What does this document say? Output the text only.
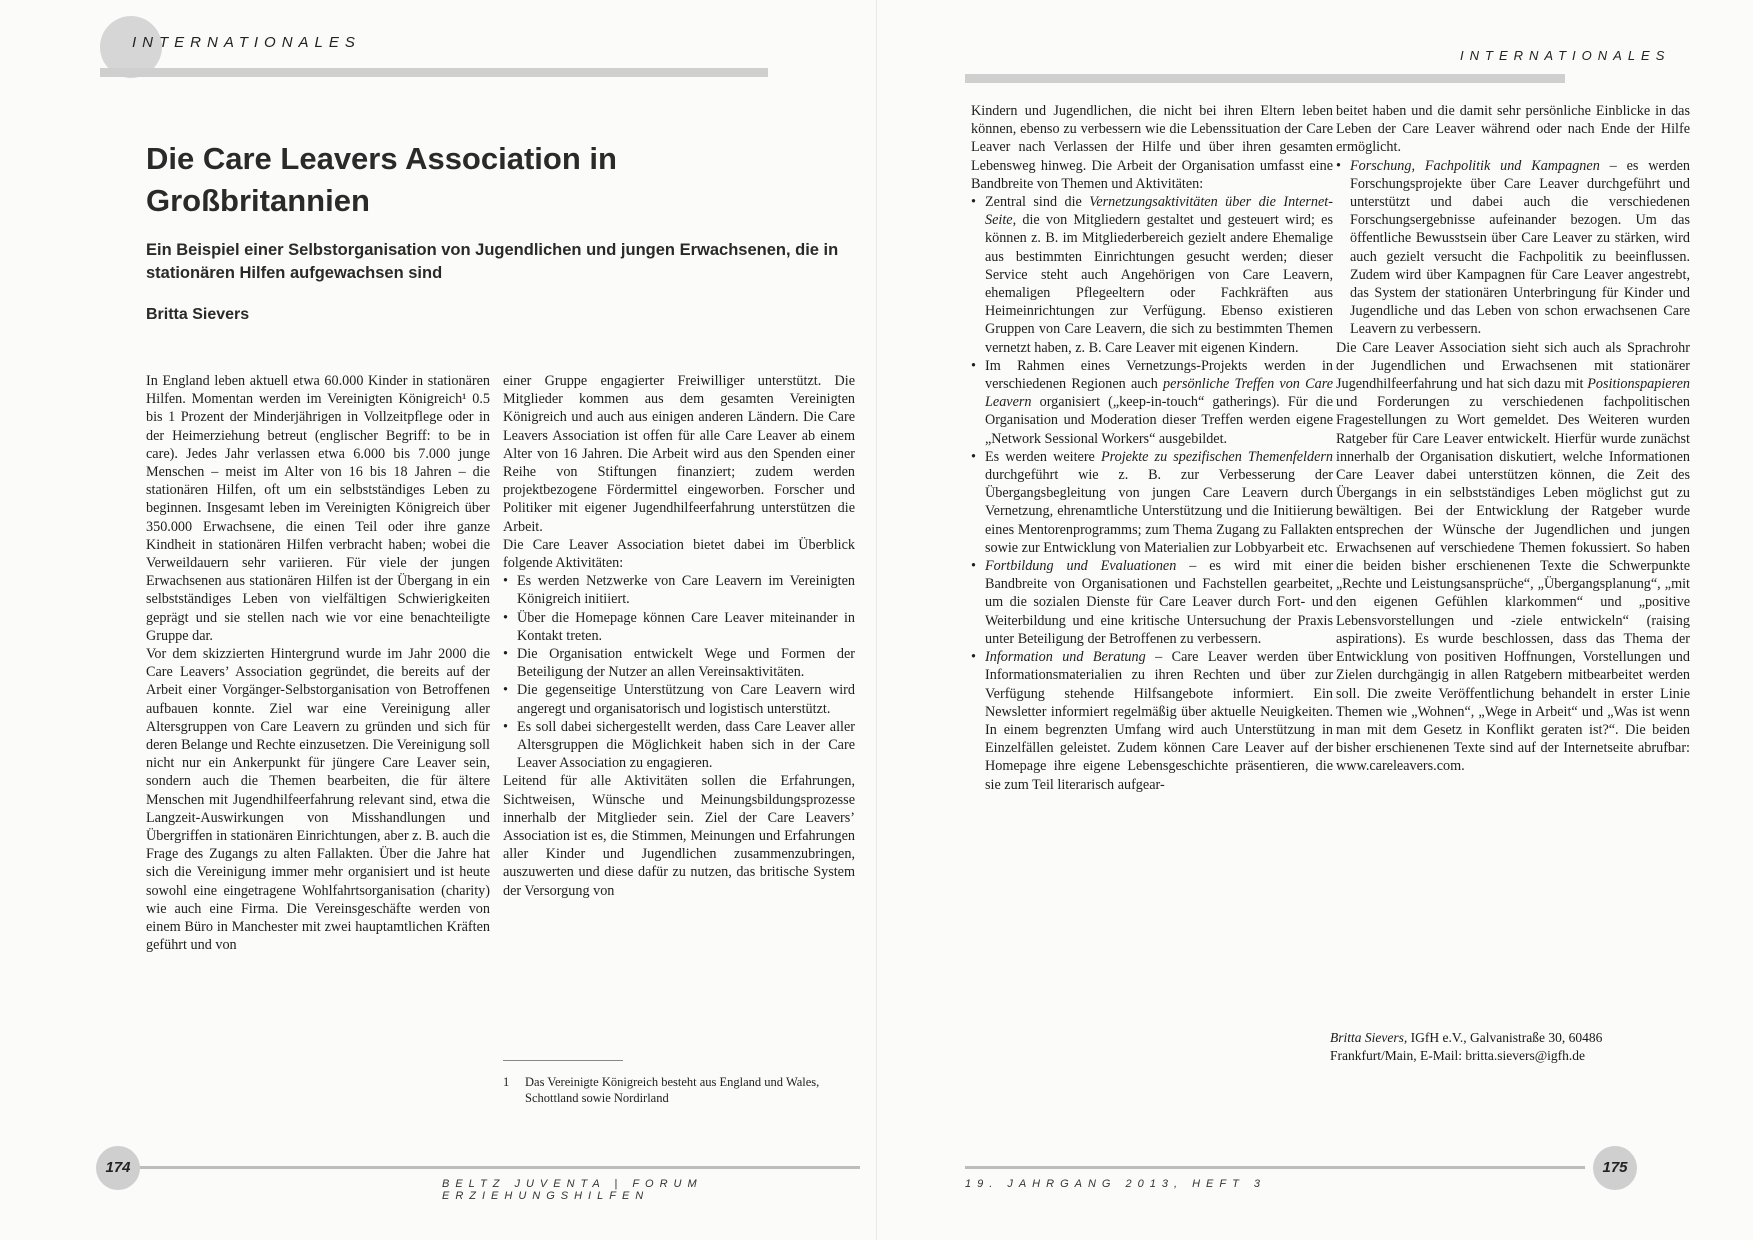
INTERNATIONALES
Die Care Leavers Association in Großbritannien
Ein Beispiel einer Selbstorganisation von Jugendlichen und jungen Erwachsenen, die in stationären Hilfen aufgewachsen sind
Britta Sievers

In England leben aktuell etwa 60.000 Kinder in stationären Hilfen. Momentan werden im Vereinigten Königreich¹ 0.5 bis 1 Prozent der Minderjährigen in Vollzeitpflege oder in der Heimerziehung betreut (englischer Begriff: to be in care). Jedes Jahr verlassen etwa 6.000 bis 7.000 junge Menschen – meist im Alter von 16 bis 18 Jahren – die stationären Hilfen, oft um ein selbstständiges Leben zu beginnen. Insgesamt leben im Vereinigten Königreich über 350.000 Erwachsene, die einen Teil oder ihre ganze Kindheit in stationären Hilfen verbracht haben; wobei die Verweildauern sehr variieren. Für viele der jungen Erwachsenen aus stationären Hilfen ist der Übergang in ein selbstständiges Leben von vielfältigen Schwierigkeiten geprägt und sie stellen nach wie vor eine benachteiligte Gruppe dar.

Vor dem skizzierten Hintergrund wurde im Jahr 2000 die Care Leavers’ Association gegründet, die bereits auf der Arbeit einer Vorgänger-Selbstorganisation von Betroffenen aufbauen konnte. Ziel war eine Vereinigung aller Altersgruppen von Care Leavern zu gründen und sich für deren Belange und Rechte einzusetzen. Die Vereinigung soll nicht nur ein Ankerpunkt für jüngere Care Leaver sein, sondern auch die Themen bearbeiten, die für ältere Menschen mit Jugendhilfeerfahrung relevant sind, etwa die Langzeit-Auswirkungen von Misshandlungen und Übergriffen in stationären Einrichtungen, aber z. B. auch die Frage des Zugangs zu alten Fallakten. Über die Jahre hat sich die Vereinigung immer mehr organisiert und ist heute sowohl eine eingetragene Wohlfahrtsorganisation (charity) wie auch eine Firma. Die Vereinsgeschäfte werden von einem Büro in Manchester mit zwei hauptamtlichen Kräften geführt und von

einer Gruppe engagierter Freiwilliger unterstützt. Die Mitglieder kommen aus dem gesamten Vereinigten Königreich und auch aus einigen anderen Ländern. Die Care Leavers Association ist offen für alle Care Leaver ab einem Alter von 16 Jahren. Die Arbeit wird aus den Spenden einer Reihe von Stiftungen finanziert; zudem werden projektbezogene Fördermittel eingeworben. Forscher und Politiker mit eigener Jugendhilfeerfahrung unterstützen die Arbeit.

Die Care Leaver Association bietet dabei im Überblick folgende Aktivitäten:

• Es werden Netzwerke von Care Leavern im Vereinigten Königreich initiiert.
• Über die Homepage können Care Leaver miteinander in Kontakt treten.
• Die Organisation entwickelt Wege und Formen der Beteiligung der Nutzer an allen Vereinsaktivitäten.
• Die gegenseitige Unterstützung von Care Leavern wird angeregt und organisatorisch und logistisch unterstützt.
• Es soll dabei sichergestellt werden, dass Care Leaver aller Altersgruppen die Möglichkeit haben sich in der Care Leaver Association zu engagieren.

Leitend für alle Aktivitäten sollen die Erfahrungen, Sichtweisen, Wünsche und Meinungsbildungsprozesse innerhalb der Mitglieder sein. Ziel der Care Leavers’ Association ist es, die Stimmen, Meinungen und Erfahrungen aller Kinder und Jugendlichen zusammenzubringen, auszuwerten und diese dafür zu nutzen, das britische System der Versorgung von

1	Das Vereinigte Königreich besteht aus England und Wales, Schottland sowie Nordirland
174
BELTZ JUVENTA | FORUM ERZIEHUNGSHILFEN
INTERNATIONALES

Kindern und Jugendlichen, die nicht bei ihren Eltern leben können, ebenso zu verbessern wie die Lebenssituation der Care Leaver nach Verlassen der Hilfe und über ihren gesamten Lebensweg hinweg. Die Arbeit der Organisation umfasst eine Bandbreite von Themen und Aktivitäten:

• Zentral sind die Vernetzungsaktivitäten über die Internet-Seite, die von Mitgliedern gestaltet und gesteuert wird; es können z. B. im Mitgliederbereich gezielt andere Ehemalige aus bestimmten Einrichtungen gesucht werden; dieser Service steht auch Angehörigen von Care Leavern, ehemaligen Pflegeeltern oder Fachkräften aus Heimeinrichtungen zur Verfügung. Ebenso existieren Gruppen von Care Leavern, die sich zu bestimmten Themen vernetzt haben, z. B. Care Leaver mit eigenen Kindern.
• Im Rahmen eines Vernetzungs-Projekts werden in verschiedenen Regionen auch persönliche Treffen von Care Leavern organisiert („keep-in-touch“ gatherings). Für die Organisation und Moderation dieser Treffen werden eigene „Network Sessional Workers“ ausgebildet.
• Es werden weitere Projekte zu spezifischen Themenfeldern durchgeführt wie z. B. zur Verbesserung der Übergangsbegleitung von jungen Care Leavern durch Vernetzung, ehrenamtliche Unterstützung und die Initiierung eines Mentorenprogramms; zum Thema Zugang zu Fallakten sowie zur Entwicklung von Materialien zur Lobbyarbeit etc.
• Fortbildung und Evaluationen – es wird mit einer Bandbreite von Organisationen und Fachstellen gearbeitet, um die sozialen Dienste für Care Leaver durch Fort- und Weiterbildung und eine kritische Untersuchung der Praxis unter Beteiligung der Betroffenen zu verbessern.
• Information und Beratung – Care Leaver werden über Informationsmaterialien zu ihren Rechten und über zur Verfügung stehende Hilfsangebote informiert. Ein Newsletter informiert regelmäßig über aktuelle Neuigkeiten. In einem begrenzten Umfang wird auch Unterstützung in Einzelfällen geleistet. Zudem können Care Leaver auf der Homepage ihre eigene Lebensgeschichte präsentieren, die sie zum Teil literarisch aufgear-

beitet haben und die damit sehr persönliche Einblicke in das Leben der Care Leaver während oder nach Ende der Hilfe ermöglicht.

• Forschung, Fachpolitik und Kampagnen – es werden Forschungsprojekte über Care Leaver durchgeführt und unterstützt und dabei auch die verschiedenen Forschungsergebnisse aufeinander bezogen. Um das öffentliche Bewusstsein über Care Leaver zu stärken, wird auch gezielt versucht die Fachpolitik zu beeinflussen. Zudem wird über Kampagnen für Care Leaver angestrebt, das System der stationären Unterbringung für Kinder und Jugendliche und das Leben von schon erwachsenen Care Leavern zu verbessern.

Die Care Leaver Association sieht sich auch als Sprachrohr der Jugendlichen und Erwachsenen mit stationärer Jugendhilfeerfahrung und hat sich dazu mit Positionspapieren und Forderungen zu verschiedenen fachpolitischen Fragestellungen zu Wort gemeldet. Des Weiteren wurden Ratgeber für Care Leaver entwickelt. Hierfür wurde zunächst innerhalb der Organisation diskutiert, welche Informationen Care Leaver dabei unterstützen können, die Zeit des Übergangs in ein selbstständiges Leben möglichst gut zu bewältigen. Bei der Entwicklung der Ratgeber wurde entsprechen der Wünsche der Jugendlichen und jungen Erwachsenen auf verschiedene Themen fokussiert. So haben die beiden bisher erschienenen Texte die Schwerpunkte „Rechte und Leistungsansprüche“, „Übergangsplanung“, „mit den eigenen Gefühlen klarkommen“ und „positive Lebensvorstellungen und -ziele entwickeln“ (raising aspirations). Es wurde beschlossen, dass das Thema der Entwicklung von positiven Hoffnungen, Vorstellungen und Zielen durchgängig in allen Ratgebern mitbearbeitet werden soll. Die zweite Veröffentlichung behandelt in erster Linie Themen wie „Wohnen“, „Wege in Arbeit“ und „Was ist wenn man mit dem Gesetz in Konflikt geraten ist?“. Die beiden bisher erschienenen Texte sind auf der Internetseite abrufbar: www.careleavers.com.

Britta Sievers, IGfH e.V., Galvanistraße 30, 60486 Frankfurt/Main, E-Mail: britta.sievers@igfh.de
19. JAHRGANG 2013, HEFT 3
175
